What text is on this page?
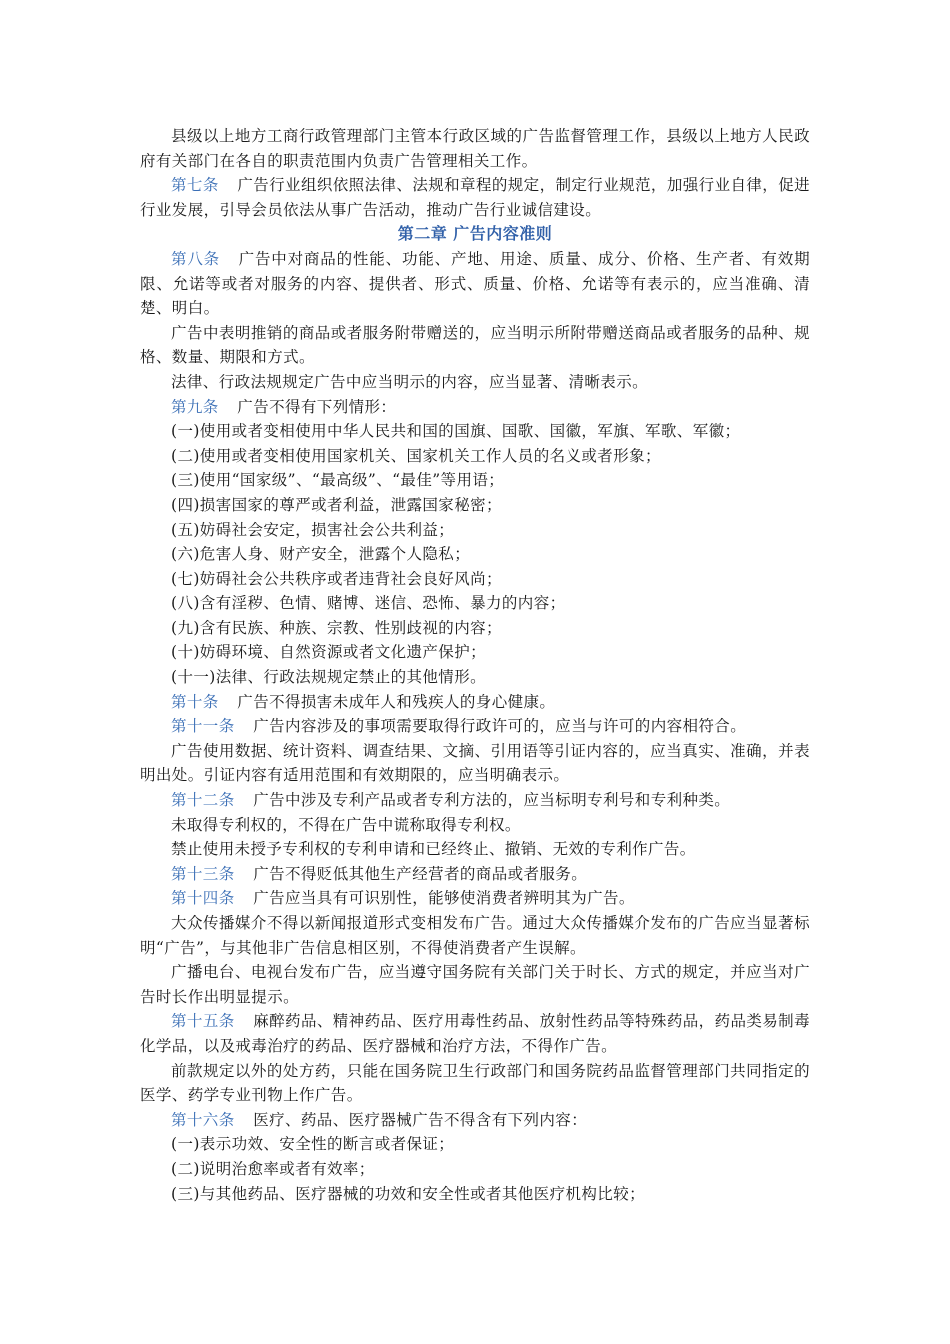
县级以上地方工商行政管理部门主管本行政区域的广告监督管理工作，县级以上地方人民政府有关部门在各自的职责范围内负责广告管理相关工作。

第七条 广告行业组织依照法律、法规和章程的规定，制定行业规范，加强行业自律，促进行业发展，引导会员依法从事广告活动，推动广告行业诚信建设。

第二章 广告内容准则

第八条 广告中对商品的性能、功能、产地、用途、质量、成分、价格、生产者、有效期限、允诺等或者对服务的内容、提供者、形式、质量、价格、允诺等有表示的，应当准确、清楚、明白。

广告中表明推销的商品或者服务附带赠送的，应当明示所附带赠送商品或者服务的品种、规格、数量、期限和方式。

法律、行政法规规定广告中应当明示的内容，应当显著、清晰表示。

第九条 广告不得有下列情形：

(一)使用或者变相使用中华人民共和国的国旗、国歌、国徽，军旗、军歌、军徽；

(二)使用或者变相使用国家机关、国家机关工作人员的名义或者形象；

(三)使用“国家级”、“最高级”、“最佳”等用语；

(四)损害国家的尊严或者利益，泄露国家秘密；

(五)妨碍社会安定，损害社会公共利益；

(六)危害人身、财产安全，泄露个人隐私；

(七)妨碍社会公共秩序或者违背社会良好风尚；

(八)含有淫秽、色情、赌博、迷信、恐怖、暴力的内容；

(九)含有民族、种族、宗教、性别歧视的内容；

(十)妨碍环境、自然资源或者文化遗产保护；

(十一)法律、行政法规规定禁止的其他情形。

第十条 广告不得损害未成年人和残疾人的身心健康。

第十一条 广告内容涉及的事项需要取得行政许可的，应当与许可的内容相符合。

广告使用数据、统计资料、调查结果、文摘、引用语等引证内容的，应当真实、准确，并表明出处。引证内容有适用范围和有效期限的，应当明确表示。

第十二条 广告中涉及专利产品或者专利方法的，应当标明专利号和专利种类。

未取得专利权的，不得在广告中谎称取得专利权。

禁止使用未授予专利权的专利申请和已经终止、撤销、无效的专利作广告。

第十三条 广告不得贬低其他生产经营者的商品或者服务。

第十四条 广告应当具有可识别性，能够使消费者辨明其为广告。

大众传播媒介不得以新闻报道形式变相发布广告。通过大众传播媒介发布的广告应当显著标明“广告”，与其他非广告信息相区别，不得使消费者产生误解。

广播电台、电视台发布广告，应当遵守国务院有关部门关于时长、方式的规定，并应当对广告时长作出明显提示。

第十五条 麻醉药品、精神药品、医疗用毒性药品、放射性药品等特殊药品，药品类易制毒化学品，以及戒毒治疗的药品、医疗器械和治疗方法，不得作广告。

前款规定以外的处方药，只能在国务院卫生行政部门和国务院药品监督管理部门共同指定的医学、药学专业刊物上作广告。

第十六条 医疗、药品、医疗器械广告不得含有下列内容：

(一)表示功效、安全性的断言或者保证；

(二)说明治愈率或者有效率；

(三)与其他药品、医疗器械的功效和安全性或者其他医疗机构比较；
